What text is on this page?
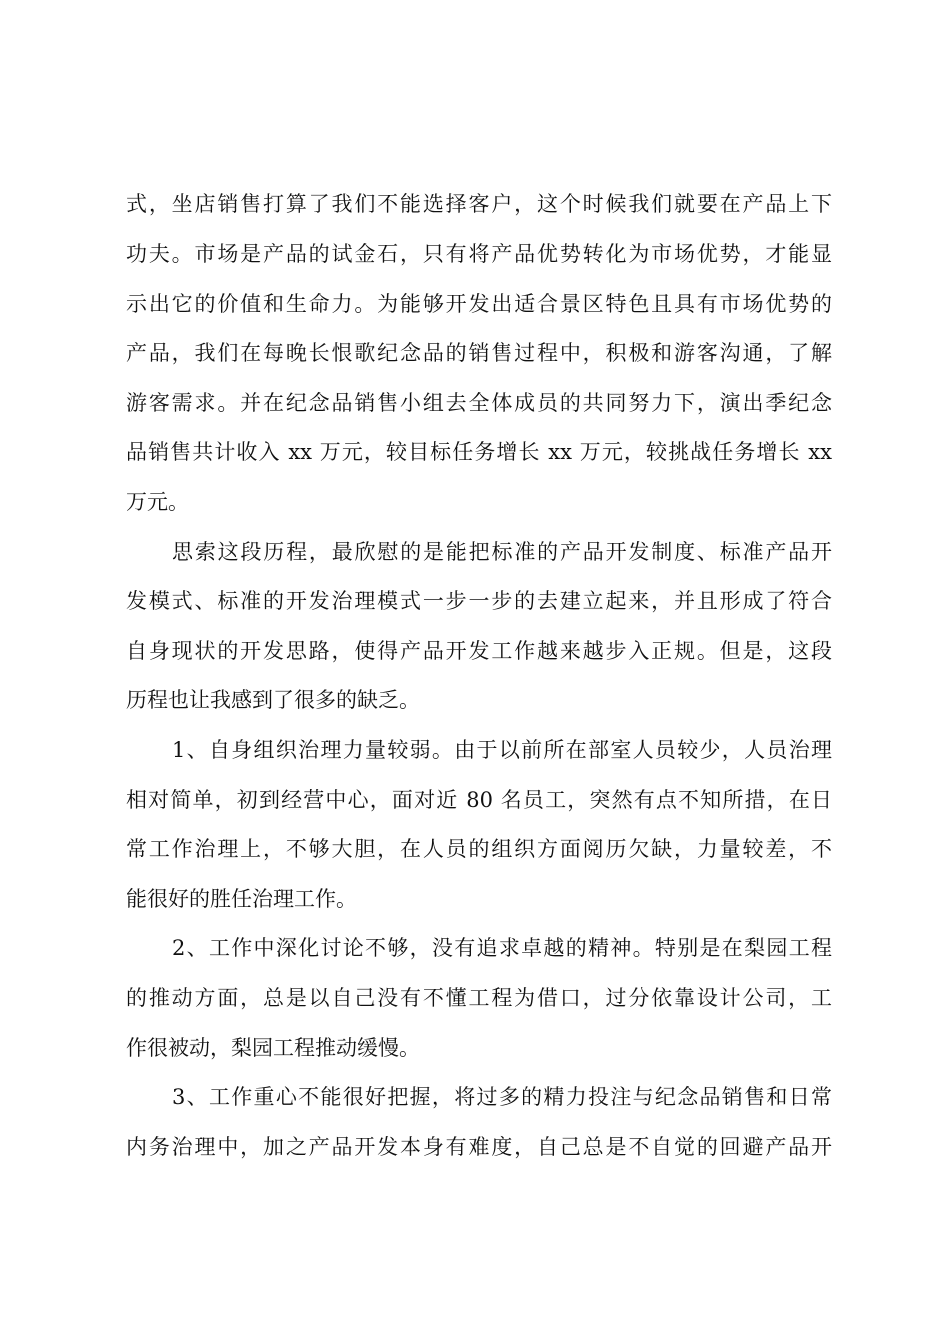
式，坐店销售打算了我们不能选择客户，这个时候我们就要在产品上下
功夫。市场是产品的试金石，只有将产品优势转化为市场优势，才能显
示出它的价值和生命力。为能够开发出适合景区特色且具有市场优势的
产品，我们在每晚长恨歌纪念品的销售过程中，积极和游客沟通，了解
游客需求。并在纪念品销售小组去全体成员的共同努力下，演出季纪念
品销售共计收入 xx 万元，较目标任务增长 xx 万元，较挑战任务增长 xx
万元。
思索这段历程，最欣慰的是能把标准的产品开发制度、标准产品开
发模式、标准的开发治理模式一步一步的去建立起来，并且形成了符合
自身现状的开发思路，使得产品开发工作越来越步入正规。但是，这段
历程也让我感到了很多的缺乏。
1、自身组织治理力量较弱。由于以前所在部室人员较少，人员治理
相对简单，初到经营中心，面对近 80 名员工，突然有点不知所措，在日
常工作治理上，不够大胆，在人员的组织方面阅历欠缺，力量较差，不
能很好的胜任治理工作。
2、工作中深化讨论不够，没有追求卓越的精神。特别是在梨园工程
的推动方面，总是以自己没有不懂工程为借口，过分依靠设计公司，工
作很被动，梨园工程推动缓慢。
3、工作重心不能很好把握，将过多的精力投注与纪念品销售和日常
内务治理中，加之产品开发本身有难度，自己总是不自觉的回避产品开
